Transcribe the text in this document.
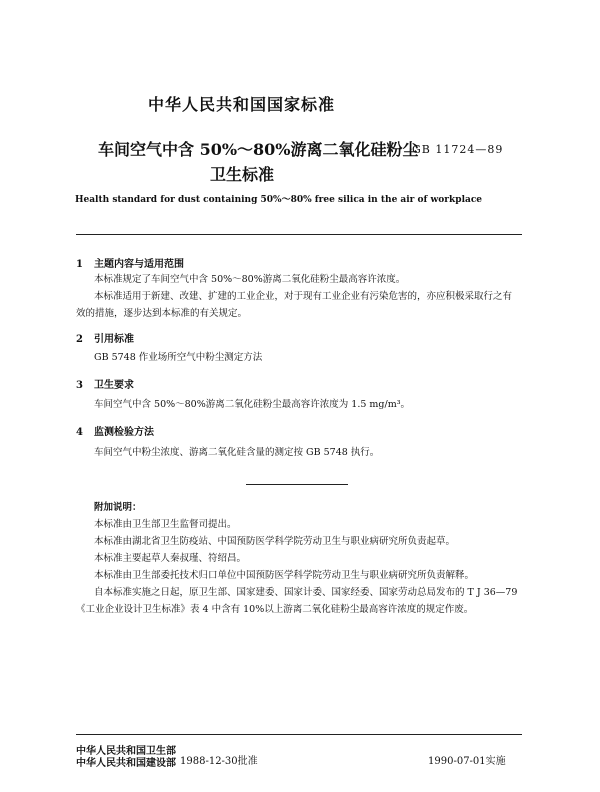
中华人民共和国国家标准
车间空气中含 50%～80%游离二氧化硅粉尘
GB 11724—89
卫生标准
Health standard for dust containing 50%～80% free silica in the air of workplace
1 主题内容与适用范围
本标准规定了车间空气中含 50%～80%游离二氧化硅粉尘最高容许浓度。
本标准适用于新建、改建、扩建的工业企业，对于现有工业企业有污染危害的，亦应积极采取行之有
效的措施，逐步达到本标准的有关规定。
2 引用标准
GB 5748 作业场所空气中粉尘测定方法
3 卫生要求
车间空气中含 50%～80%游离二氧化硅粉尘最高容许浓度为 1.5 mg/m³。
4 监测检验方法
车间空气中粉尘浓度、游离二氧化硅含量的测定按 GB 5748 执行。
附加说明：
本标准由卫生部卫生监督司提出。
本标准由湖北省卫生防疫站、中国预防医学科学院劳动卫生与职业病研究所负责起草。
本标准主要起草人秦叔瑾、符绍昌。
本标准由卫生部委托技术归口单位中国预防医学科学院劳动卫生与职业病研究所负责解释。
自本标准实施之日起，原卫生部、国家建委、国家计委、国家经委、国家劳动总局发布的 T J 36—79
《工业企业设计卫生标准》表 4 中含有 10%以上游离二氧化硅粉尘最高容许浓度的规定作废。
中华人民共和国卫生部
中华人民共和国建设部 1988-12-30批准	1990-07-01实施
